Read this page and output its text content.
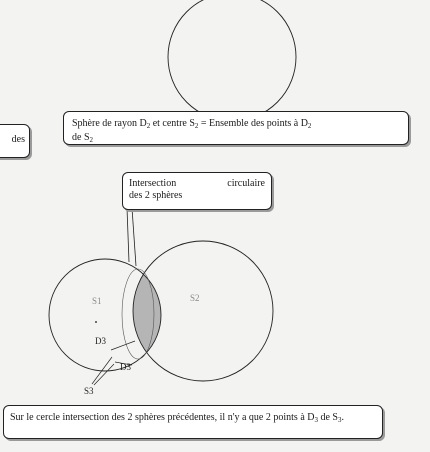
S1	S2
D3
D3
S3
des
Sphère de rayon $D_2$ et centre $S_2$ = Ensemble des points à $D_2$
de $S_2$
Intersection circulaire
des 2 sphères
Sur le cercle intersection des 2 sphères précédentes, il n'y a que 2 points à $D_3$ de $S_3$.
